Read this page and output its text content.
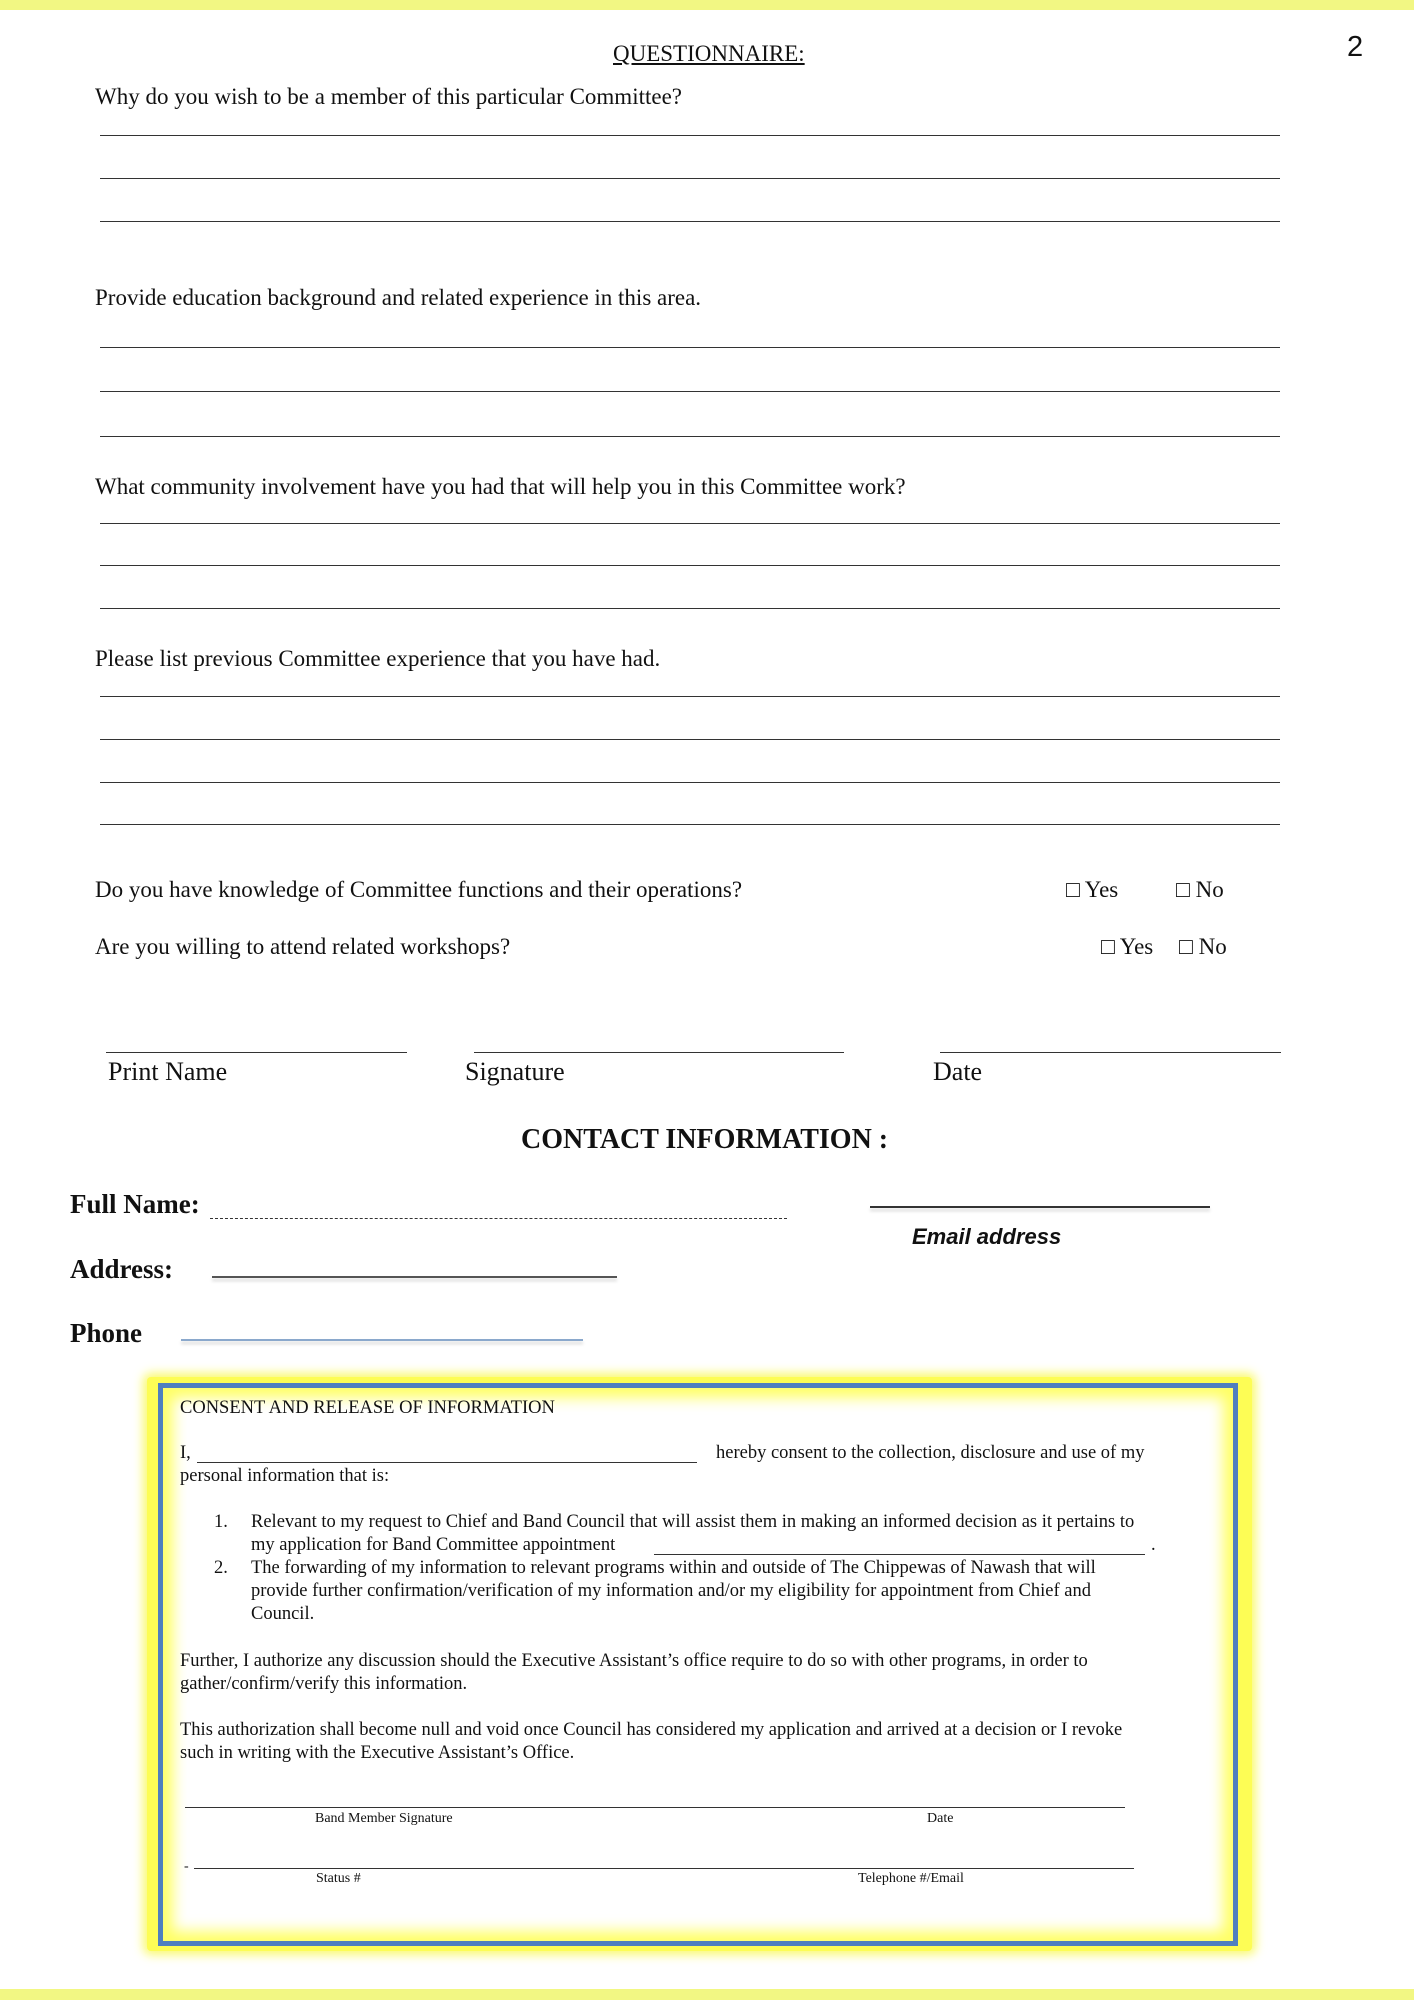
2
QUESTIONNAIRE:
Why do you wish to be a member of this particular Committee?
Provide education background and related experience in this area.
What community involvement have you had that will help you in this Committee work?
Please list previous Committee experience that you have had.
Do you have knowledge of Committee functions and their operations?	□ Yes	□ No
Are you willing to attend related workshops?	□ Yes □ No
Print Name	Signature	Date
CONTACT INFORMATION :
Full Name:
Email address
Address:
Phone
CONSENT AND RELEASE OF INFORMATION
I,	hereby consent to the collection, disclosure and use of my
personal information that is:
1. Relevant to my request to Chief and Band Council that will assist them in making an informed decision as it pertains to
my application for Band Committee appointment	.
2. The forwarding of my information to relevant programs within and outside of The Chippewas of Nawash that will
provide further confirmation/verification of my information and/or my eligibility for appointment from Chief and
Council.
Further, I authorize any discussion should the Executive Assistant’s office require to do so with other programs, in order to
gather/confirm/verify this information.
This authorization shall become null and void once Council has considered my application and arrived at a decision or I revoke
such in writing with the Executive Assistant’s Office.
Band Member Signature	Date
-
Status #	Telephone #/Email
